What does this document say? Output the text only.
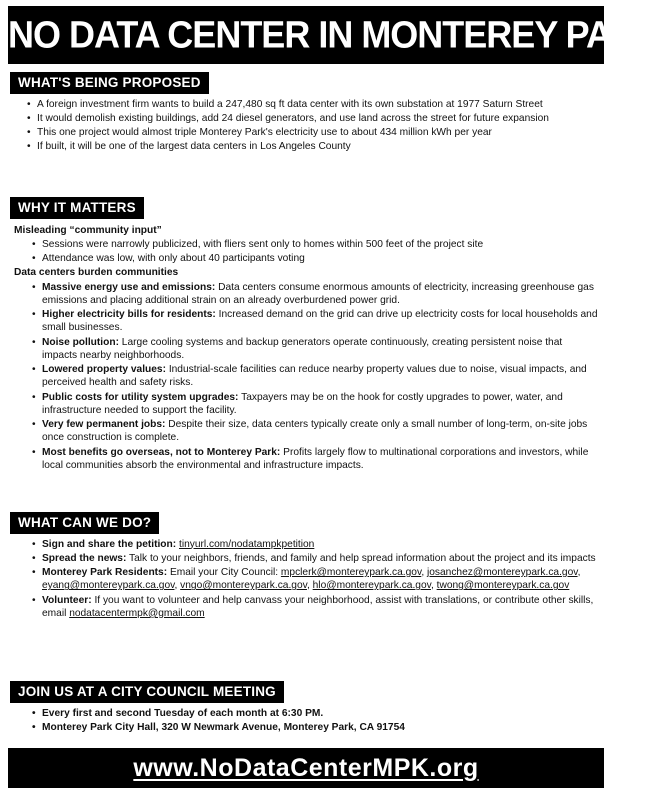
NO DATA CENTER IN MONTEREY PARK!
WHAT'S BEING PROPOSED
• A foreign investment firm wants to build a 247,480 sq ft data center with its own substation at 1977 Saturn Street
• It would demolish existing buildings, add 24 diesel generators, and use land across the street for future expansion
• This one project would almost triple Monterey Park's electricity use to about 434 million kWh per year
• If built, it will be one of the largest data centers in Los Angeles County
WHY IT MATTERS
Misleading “community input”
• Sessions were narrowly publicized, with fliers sent only to homes within 500 feet of the project site
• Attendance was low, with only about 40 participants voting
Data centers burden communities
• Massive energy use and emissions: Data centers consume enormous amounts of electricity, increasing greenhouse gas emissions and placing additional strain on an already overburdened power grid.
• Higher electricity bills for residents: Increased demand on the grid can drive up electricity costs for local households and small businesses.
• Noise pollution: Large cooling systems and backup generators operate continuously, creating persistent noise that impacts nearby neighborhoods.
• Lowered property values: Industrial-scale facilities can reduce nearby property values due to noise, visual impacts, and perceived health and safety risks.
• Public costs for utility system upgrades: Taxpayers may be on the hook for costly upgrades to power, water, and infrastructure needed to support the facility.
• Very few permanent jobs: Despite their size, data centers typically create only a small number of long-term, on-site jobs once construction is complete.
• Most benefits go overseas, not to Monterey Park: Profits largely flow to multinational corporations and investors, while local communities absorb the environmental and infrastructure impacts.
WHAT CAN WE DO?
• Sign and share the petition: tinyurl.com/nodatampkpetition
• Spread the news: Talk to your neighbors, friends, and family and help spread information about the project and its impacts
• Monterey Park Residents: Email your City Council: mpclerk@montereypark.ca.gov, josanchez@montereypark.ca.gov, eyang@montereypark.ca.gov, vngo@montereypark.ca.gov, hlo@montereypark.ca.gov, twong@montereypark.ca.gov
• Volunteer: If you want to volunteer and help canvass your neighborhood, assist with translations, or contribute other skills, email nodatacentermpk@gmail.com
JOIN US AT A CITY COUNCIL MEETING
• Every first and second Tuesday of each month at 6:30 PM.
• Monterey Park City Hall, 320 W Newmark Avenue, Monterey Park, CA 91754
www.NoDataCenterMPK.org
